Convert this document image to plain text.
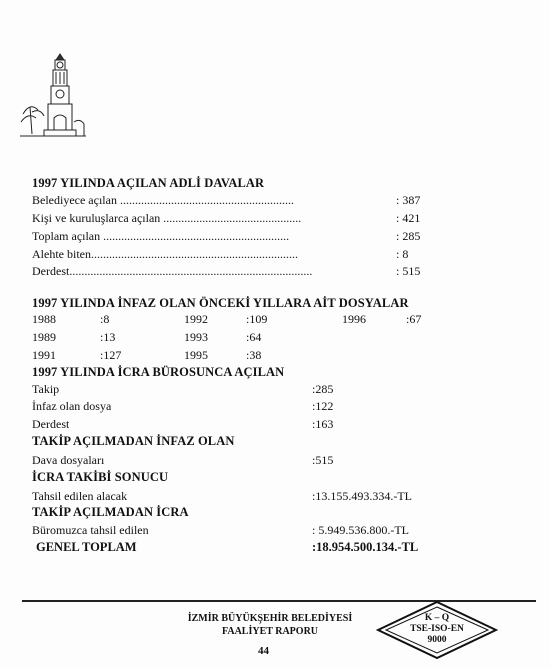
1997 YILINDA AÇILAN ADLİ DAVALAR
Belediyece açılan ..........................................................	: 387
Kişi ve kuruluşlarca açılan ..............................................	: 421
Toplam açılan ..............................................................	: 285
Alehte biten.....................................................................	: 8
Derdest.................................................................................	: 515
1997 YILINDA İNFAZ OLAN ÖNCEKİ YILLARA AİT DOSYALAR
1988	:8	1992	:109	1996	:67
1989	:13	1993	:64
1991	:127	1995	:38
1997 YILINDA İCRA BÜROSUNCA AÇILAN
Takip	:285
İnfaz olan dosya	:122
Derdest	:163
TAKİP AÇILMADAN İNFAZ OLAN
Dava dosyaları	:515
İCRA TAKİBİ SONUCU
Tahsil edilen alacak	:13.155.493.334.-TL
TAKİP AÇILMADAN İCRA
Büromuzca tahsil edilen	: 5.949.536.800.-TL
GENEL TOPLAM	:18.954.500.134.-TL
İZMİR BÜYÜKŞEHİR BELEDİYESİ
FAALİYET RAPORU
44
K – Q
TSE-ISO-EN
9000
